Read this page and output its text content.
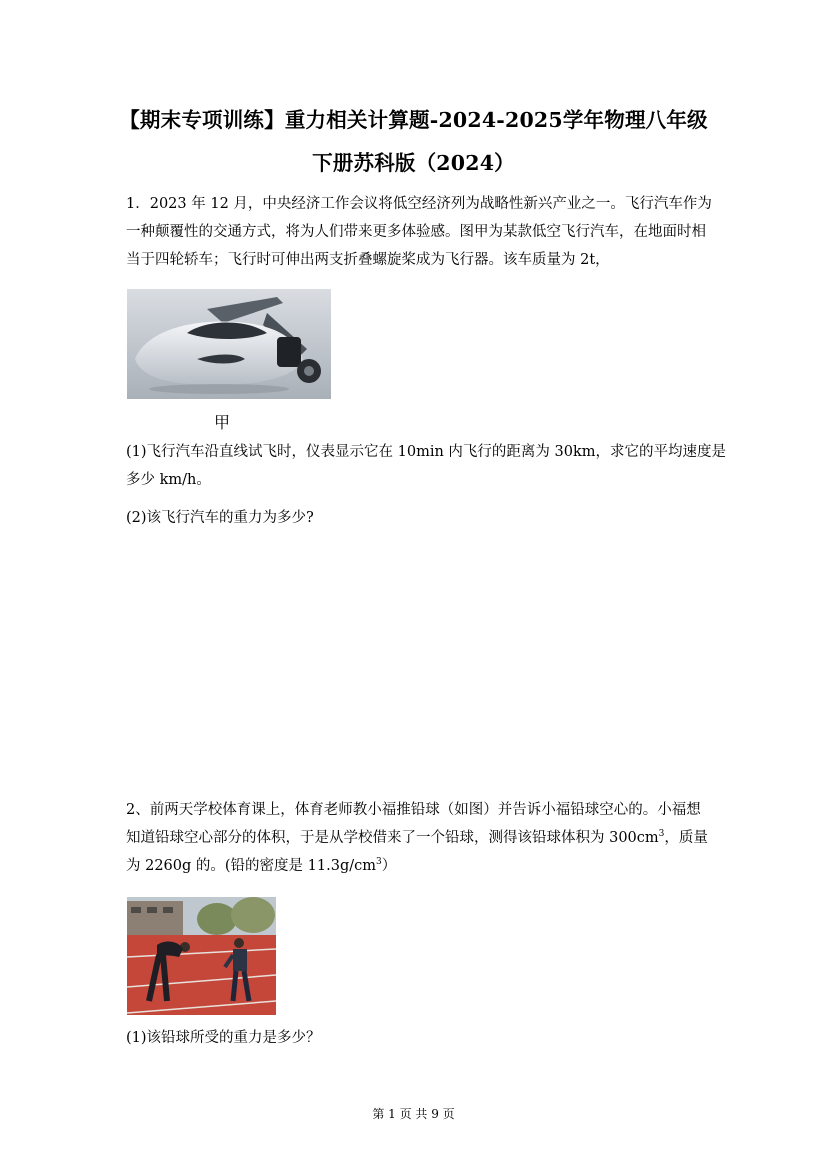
【期末专项训练】重力相关计算题-2024-2025学年物理八年级
下册苏科版（2024）
1．2023 年 12 月，中央经济工作会议将低空经济列为战略性新兴产业之一。飞行汽车作为
一种颠覆性的交通方式，将为人们带来更多体验感。图甲为某款低空飞行汽车，在地面时相
当于四轮轿车；飞行时可伸出两支折叠螺旋桨成为飞行器。该车质量为 2t，
甲
(1)飞行汽车沿直线试飞时，仪表显示它在 10min 内飞行的距离为 30km，求它的平均速度是
多少 km/h。
(2)该飞行汽车的重力为多少?
2、前两天学校体育课上，体育老师教小福推铅球（如图）并告诉小福铅球空心的。小福想
知道铅球空心部分的体积，于是从学校借来了一个铅球，测得该铅球体积为 $300cm^3$，质量
为 2260g 的。(铅的密度是 $11.3g/cm^3$）
(1)该铅球所受的重力是多少？
第 1 页 共 9 页
